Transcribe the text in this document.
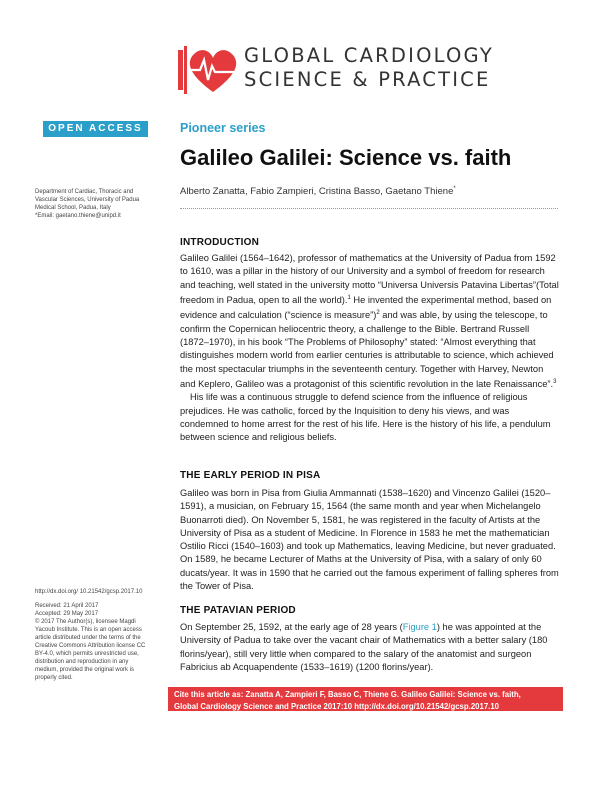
GLOBAL CARDIOLOGY
SCIENCE & PRACTICE
OPEN ACCESS	Pioneer series
Galileo Galilei: Science vs. faith
Alberto Zanatta, Fabio Zampieri, Cristina Basso, Gaetano Thiene*
Department of Cardiac, Thoracic and Vascular Sciences, University of Padua Medical School, Padua, Italy
*Email: gaetano.thiene@unipd.it

http://dx.doi.org/ 10.21542/gcsp.2017.10

Received: 21 April 2017
Accepted: 29 May 2017
© 2017 The Author(s), licensee Magdi Yacoub Institute. This is an open access article distributed under the terms of the Creative Commons Attribution license CC BY-4.0, which permits unrestricted use, distribution and reproduction in any medium, provided the original work is properly cited.

INTRODUCTION

Galileo Galilei (1564–1642), professor of mathematics at the University of Padua from 1592 to 1610, was a pillar in the history of our University and a symbol of freedom for research and teaching, well stated in the university motto “Universa Universis Patavina Libertas”(Total freedom in Padua, open to all the world).$^1$ He invented the experimental method, based on evidence and calculation (“science is measure”)$^2$ and was able, by using the telescope, to confirm the Copernican heliocentric theory, a challenge to the Bible. Bertrand Russell (1872–1970), in his book “The Problems of Philosophy” stated: “Almost everything that distinguishes modern world from earlier centuries is attributable to science, which achieved the most spectacular triumphs in the seventeenth century. Together with Harvey, Newton and Keplero, Galileo was a protagonist of this scientific revolution in the late Renaissance”.$^3$

His life was a continuous struggle to defend science from the influence of religious prejudices. He was catholic, forced by the Inquisition to deny his views, and was condemned to home arrest for the rest of his life. Here is the history of his life, a pendulum between science and religious beliefs.

THE EARLY PERIOD IN PISA

Galileo was born in Pisa from Giulia Ammannati (1538–1620) and Vincenzo Galilei (1520–1591), a musician, on February 15, 1564 (the same month and year when Michelangelo Buonarroti died). On November 5, 1581, he was registered in the faculty of Artists at the University of Pisa as a student of Medicine. In Florence in 1583 he met the mathematician Ostilio Ricci (1540–1603) and took up Mathematics, leaving Medicine, but never graduated. On 1589, he became Lecturer of Maths at the University of Pisa, with a salary of only 60 ducats/year. It was in 1590 that he carried out the famous experiment of falling spheres from the Tower of Pisa.

THE PATAVIAN PERIOD

On September 25, 1592, at the early age of 28 years (Figure 1) he was appointed at the University of Padua to take over the vacant chair of Mathematics with a better salary (180 florins/year), still very little when compared to the salary of the anatomist and surgeon Fabricius ab Acquapendente (1533–1619) (1200 florins/year).

Cite this article as: Zanatta A, Zampieri F, Basso C, Thiene G. Galileo Galilei: Science vs. faith,
Global Cardiology Science and Practice 2017:10 http://dx.doi.org/10.21542/gcsp.2017.10
